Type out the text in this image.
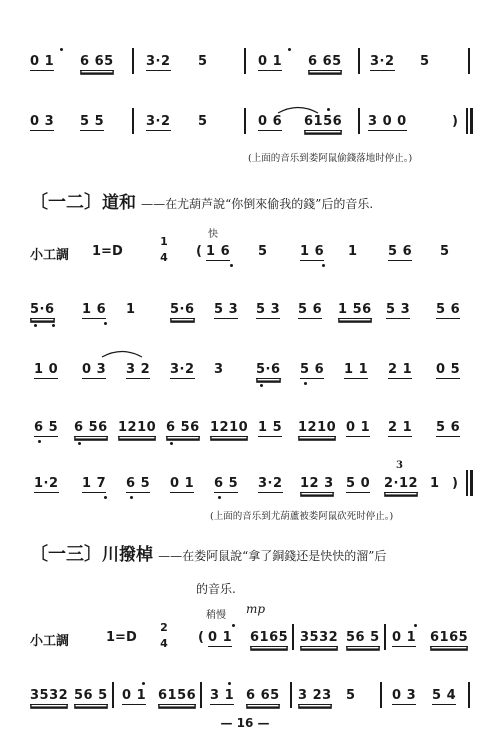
0 1 6 65 3·2 5	0 1 6 65 3·2 5
0 3 5 5	3·2 5	0 6 6156 3 0 0	)
(上面的音乐到娄阿鼠偷錢落地时停止。)
〔一二〕道和 ——在尤葫芦說“你倒來偷我的錢”后的音乐.
小工調 1=D
1
4
快
( 1 6 5 1 6 1 5 6 5
5·6 1 6 1	5·6 5 3 5 3 5 6 1 56 5 3 5 6
1 0 0 3 3 2 3·2 3 5·6 5 6 1 1 2 1 0 5
6 5 6 56 1210 6 56 1210 1 5 1210 0 1 2 1 5 6
1·2 1 7 6 5 0 1 6 5 3·2 12 3 5 0
3
2·12 1 )
(上面的音乐到尤葫蘆被娄阿鼠砍死时停止。)
〔一三〕川撥棹 ——在娄阿鼠說“拿了銅錢还是快快的溜”后
的音乐.
稍慢 mp
小工調	1=D
2
4 ( 0 1 6165 3532 56 5 0 1 6165
3532 56 5 0 1 6156 3 1 6 65 3 23 5	0 3 5 4
— 16 —
